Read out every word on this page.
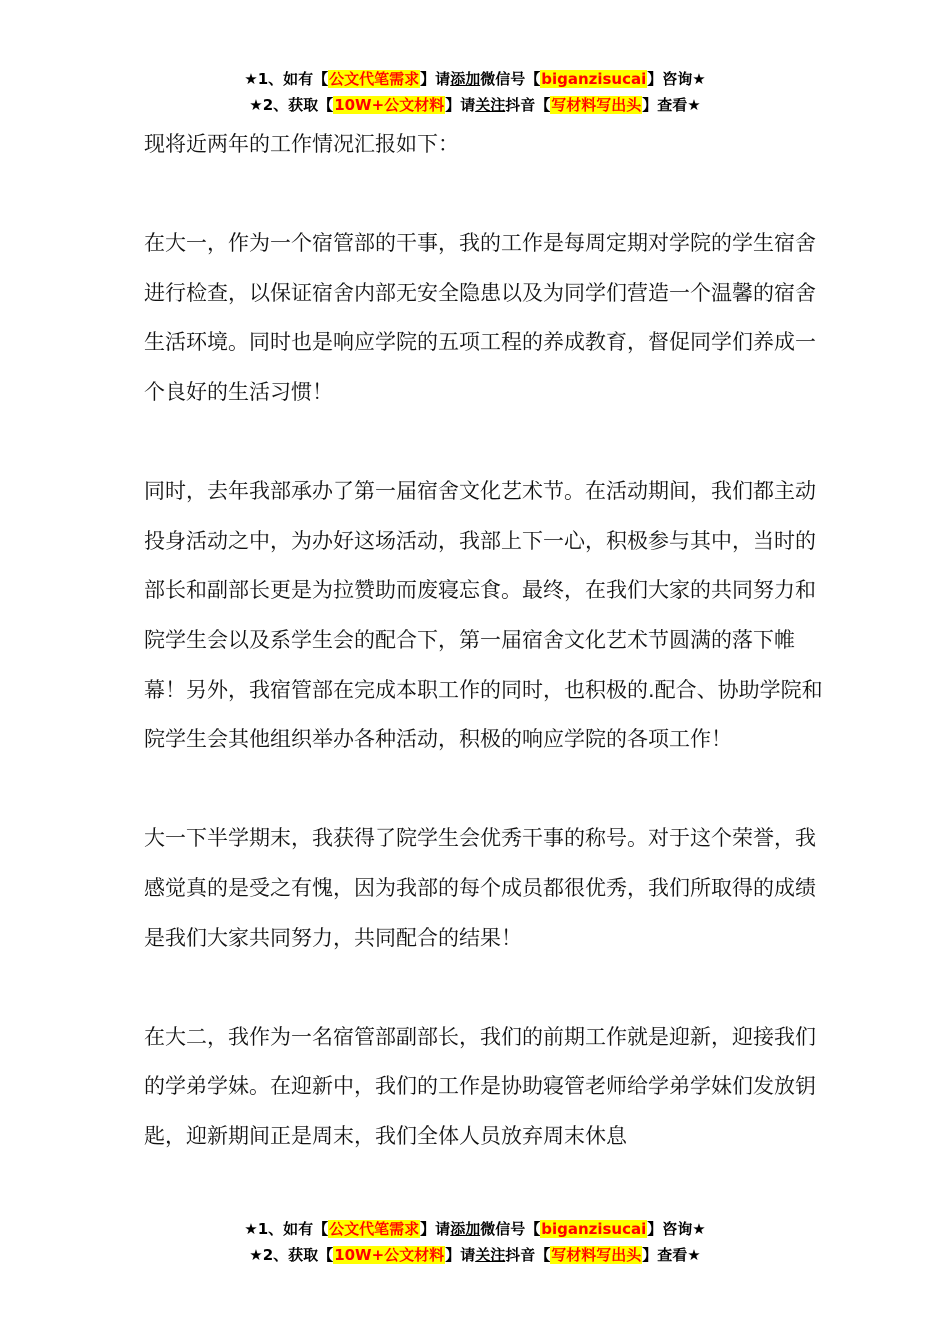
★1、如有【公文代笔需求】请添加微信号【biganzisucai】咨询★
★2、获取【10W+公文材料】请关注抖音【写材料写出头】查看★

现将近两年的工作情况汇报如下：

在大一，作为一个宿管部的干事，我的工作是每周定期对学院的学生宿舍进行检查，以保证宿舍内部无安全隐患以及为同学们营造一个温馨的宿舍生活环境。同时也是响应学院的五项工程的养成教育，督促同学们养成一个良好的生活习惯！

同时，去年我部承办了第一届宿舍文化艺术节。在活动期间，我们都主动投身活动之中，为办好这场活动，我部上下一心，积极参与其中，当时的部长和副部长更是为拉赞助而废寝忘食。最终，在我们大家的共同努力和院学生会以及系学生会的配合下，第一届宿舍文化艺术节圆满的落下帷幕！另外，我宿管部在完成本职工作的同时，也积极的.配合、协助学院和院学生会其他组织举办各种活动，积极的响应学院的各项工作！

大一下半学期末，我获得了院学生会优秀干事的称号。对于这个荣誉，我感觉真的是受之有愧，因为我部的每个成员都很优秀，我们所取得的成绩是我们大家共同努力，共同配合的结果！

在大二，我作为一名宿管部副部长，我们的前期工作就是迎新，迎接我们的学弟学妹。在迎新中，我们的工作是协助寝管老师给学弟学妹们发放钥匙，迎新期间正是周末，我们全体人员放弃周末休息

★1、如有【公文代笔需求】请添加微信号【biganzisucai】咨询★
★2、获取【10W+公文材料】请关注抖音【写材料写出头】查看★
